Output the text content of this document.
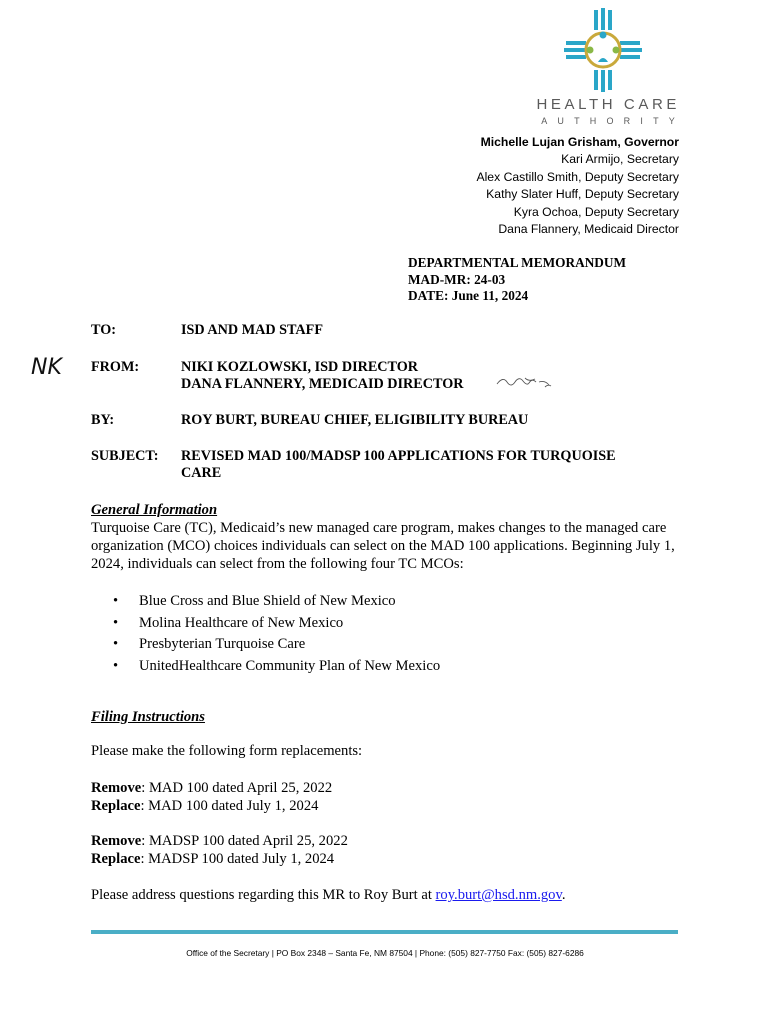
HEALTH CARE
AUTHORITY
Michelle Lujan Grisham, Governor
Kari Armijo, Secretary
Alex Castillo Smith, Deputy Secretary
Kathy Slater Huff, Deputy Secretary
Kyra Ochoa, Deputy Secretary
Dana Flannery, Medicaid Director
DEPARTMENTAL MEMORANDUM
MAD-MR: 24-03
DATE: June 11, 2024
TO:	ISD AND MAD STAFF
NK FROM:	NIKI KOZLOWSKI, ISD DIRECTOR
DANA FLANNERY, MEDICAID DIRECTOR
BY:	ROY BURT, BUREAU CHIEF, ELIGIBILITY BUREAU
SUBJECT: REVISED MAD 100/MADSP 100 APPLICATIONS FOR TURQUOISE
CARE
General Information
Turquoise Care (TC), Medicaid’s new managed care program, makes changes to the managed care organization (MCO) choices individuals can select on the MAD 100 applications. Beginning July 1, 2024, individuals can select from the following four TC MCOs:
• Blue Cross and Blue Shield of New Mexico
• Molina Healthcare of New Mexico
• Presbyterian Turquoise Care
• UnitedHealthcare Community Plan of New Mexico
Filing Instructions
Please make the following form replacements:
Remove: MAD 100 dated April 25, 2022
Replace: MAD 100 dated July 1, 2024
Remove: MADSP 100 dated April 25, 2022
Replace: MADSP 100 dated July 1, 2024
Please address questions regarding this MR to Roy Burt at roy.burt@hsd.nm.gov.
Office of the Secretary | PO Box 2348 – Santa Fe, NM 87504 | Phone: (505) 827-7750 Fax: (505) 827-6286
